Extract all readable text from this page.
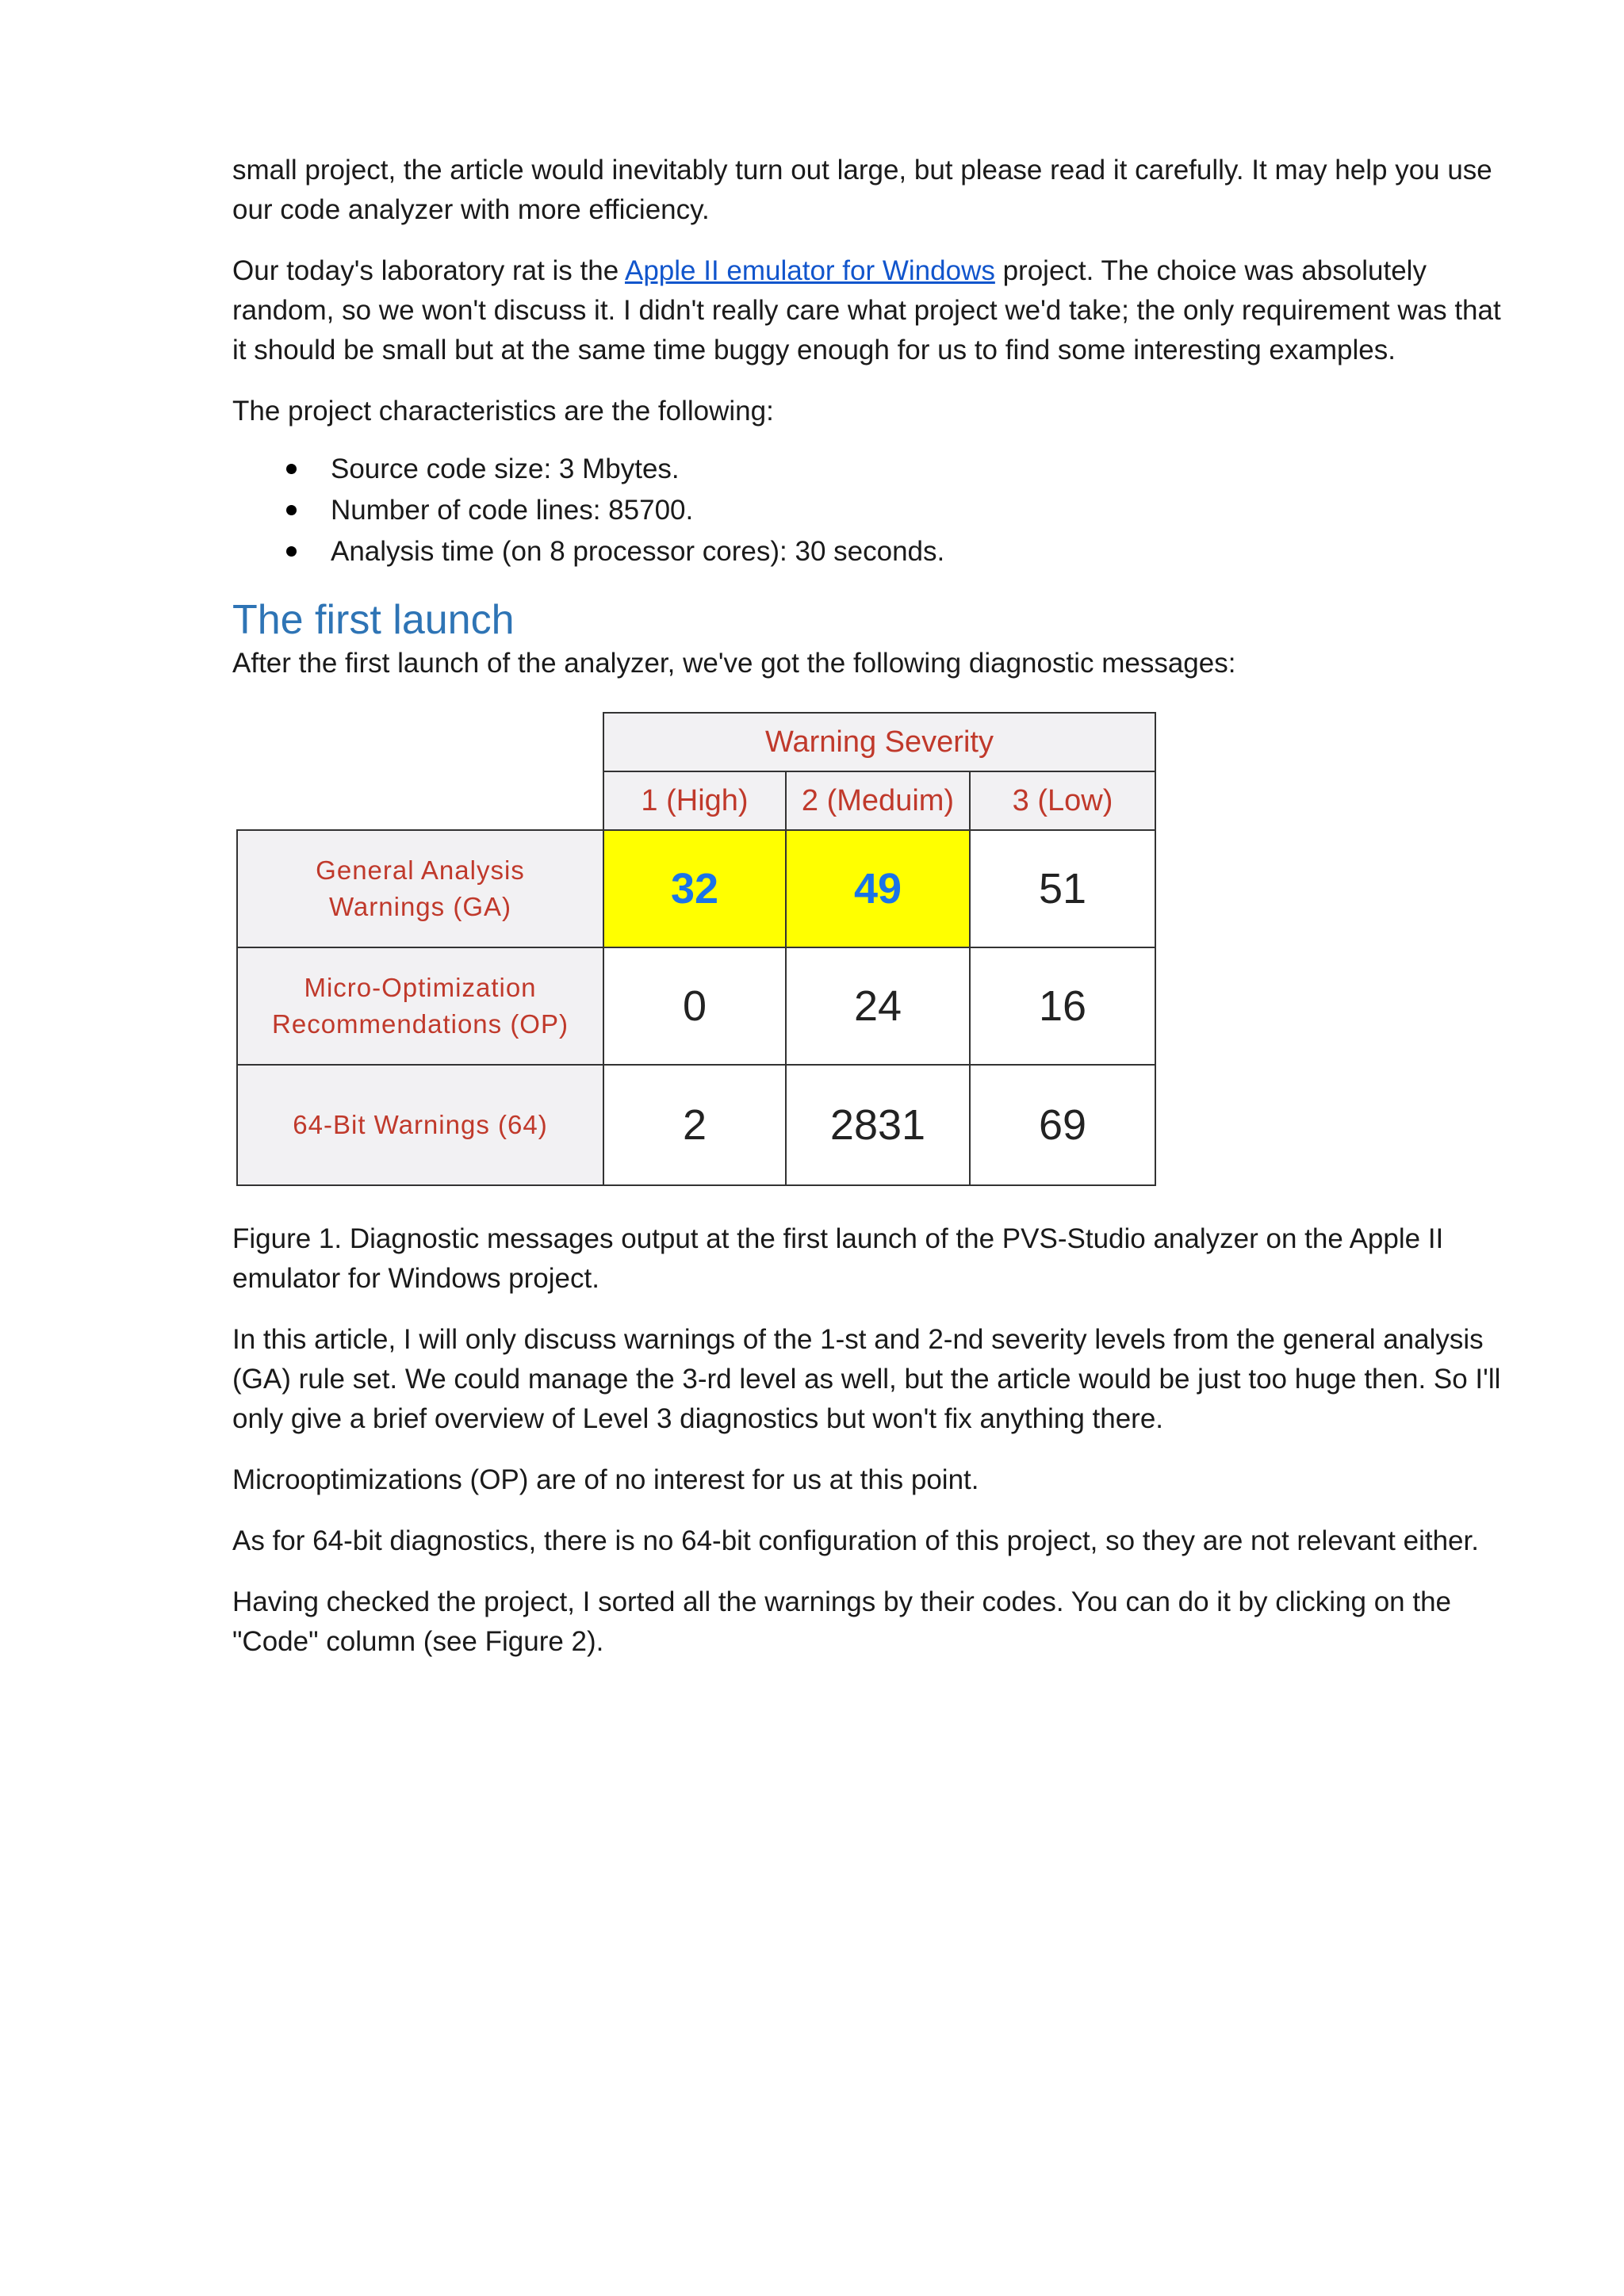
small project, the article would inevitably turn out large, but please read it carefully. It may help you use our code analyzer with more efficiency.

Our today's laboratory rat is the Apple II emulator for Windows project. The choice was absolutely random, so we won't discuss it. I didn't really care what project we'd take; the only requirement was that it should be small but at the same time buggy enough for us to find some interesting examples.

The project characteristics are the following:

Source code size: 3 Mbytes.
Number of code lines: 85700.
Analysis time (on 8 processor cores): 30 seconds.
The first launch

After the first launch of the analyzer, we've got the following diagnostic messages:

Warning Severity
1 (High)	2 (Meduim)	3 (Low)
General Analysis Warnings (GA)	32	49	51
Micro-Optimization Recommendations (OP)	0	24	16
64-Bit Warnings (64)	2	2831	69

Figure 1. Diagnostic messages output at the first launch of the PVS-Studio analyzer on the Apple II emulator for Windows project.

In this article, I will only discuss warnings of the 1-st and 2-nd severity levels from the general analysis (GA) rule set. We could manage the 3-rd level as well, but the article would be just too huge then. So I'll only give a brief overview of Level 3 diagnostics but won't fix anything there.

Microoptimizations (OP) are of no interest for us at this point.

As for 64-bit diagnostics, there is no 64-bit configuration of this project, so they are not relevant either.

Having checked the project, I sorted all the warnings by their codes. You can do it by clicking on the "Code" column (see Figure 2).
